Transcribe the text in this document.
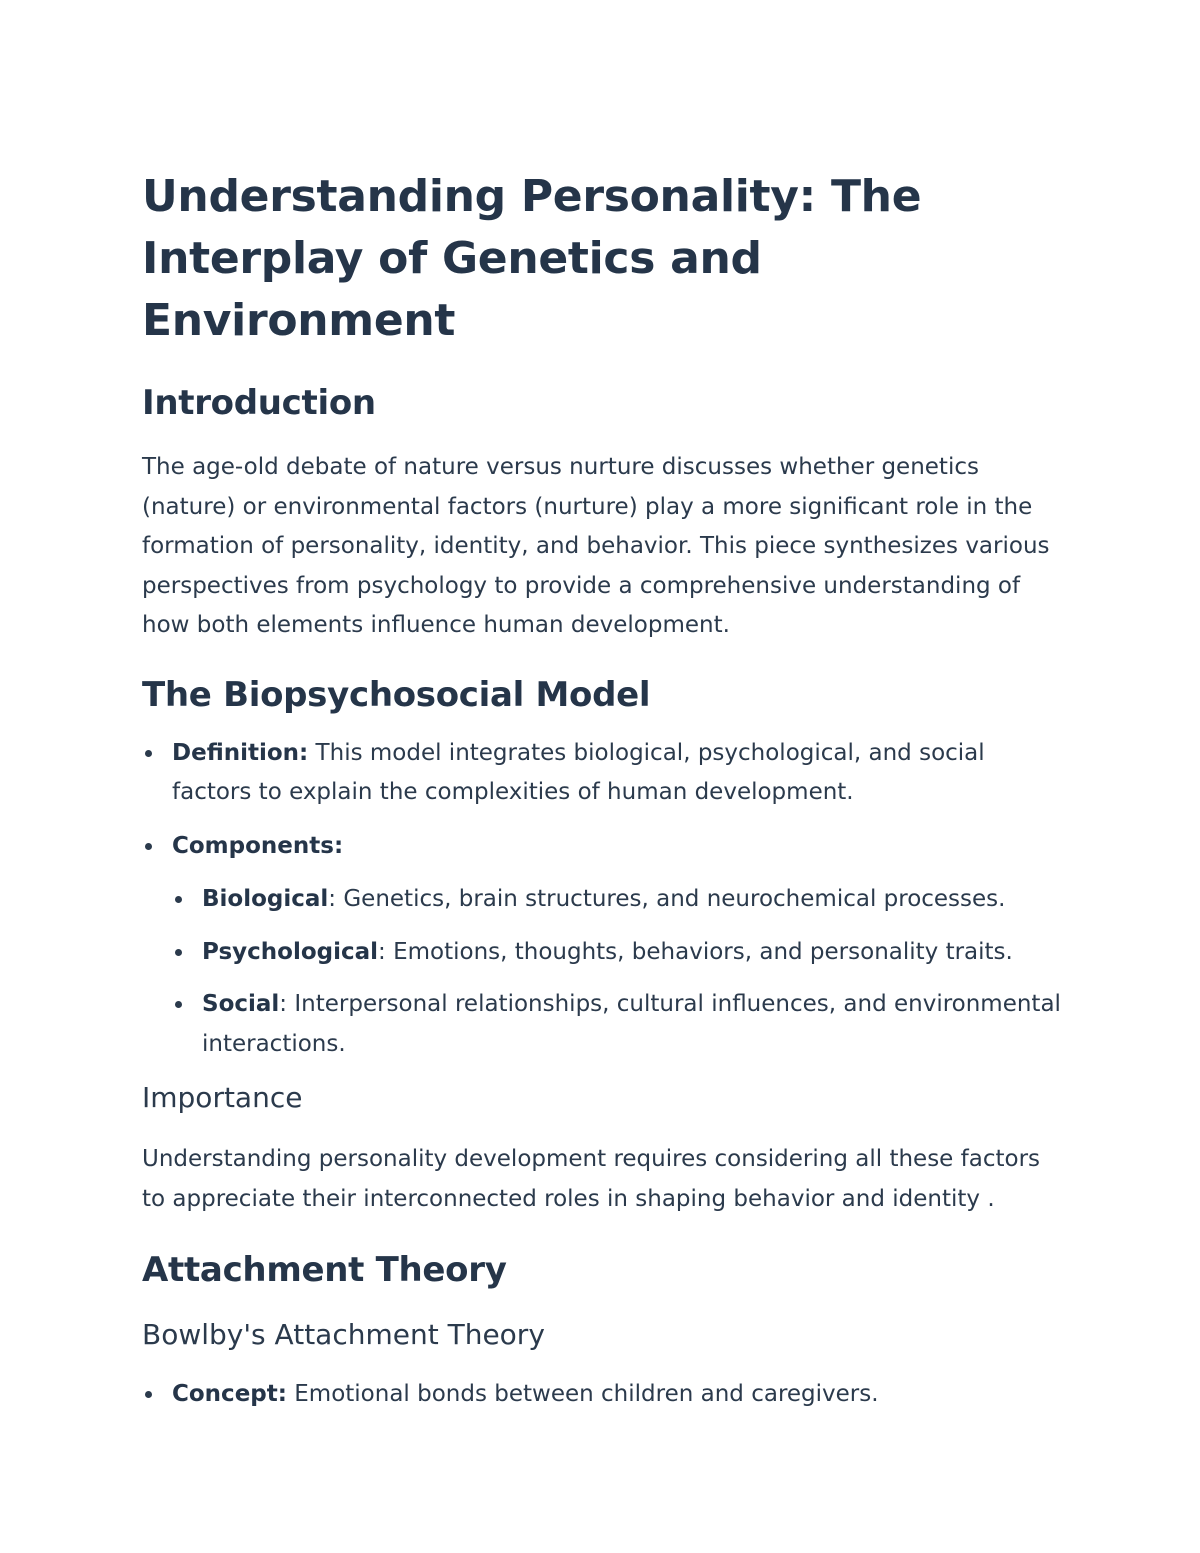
Understanding Personality: The Interplay of Genetics and Environment
Introduction

The age-old debate of nature versus nurture discusses whether genetics (nature) or environmental factors (nurture) play a more significant role in the formation of personality, identity, and behavior. This piece synthesizes various perspectives from psychology to provide a comprehensive understanding of how both elements influence human development.

The Biopsychosocial Model
Definition: This model integrates biological, psychological, and social factors to explain the complexities of human development.
Components:
Biological: Genetics, brain structures, and neurochemical processes.
Psychological: Emotions, thoughts, behaviors, and personality traits.
Social: Interpersonal relationships, cultural influences, and environmental interactions.
Importance

Understanding personality development requires considering all these factors to appreciate their interconnected roles in shaping behavior and identity .

Attachment Theory
Bowlby's Attachment Theory
Concept: Emotional bonds between children and caregivers.
